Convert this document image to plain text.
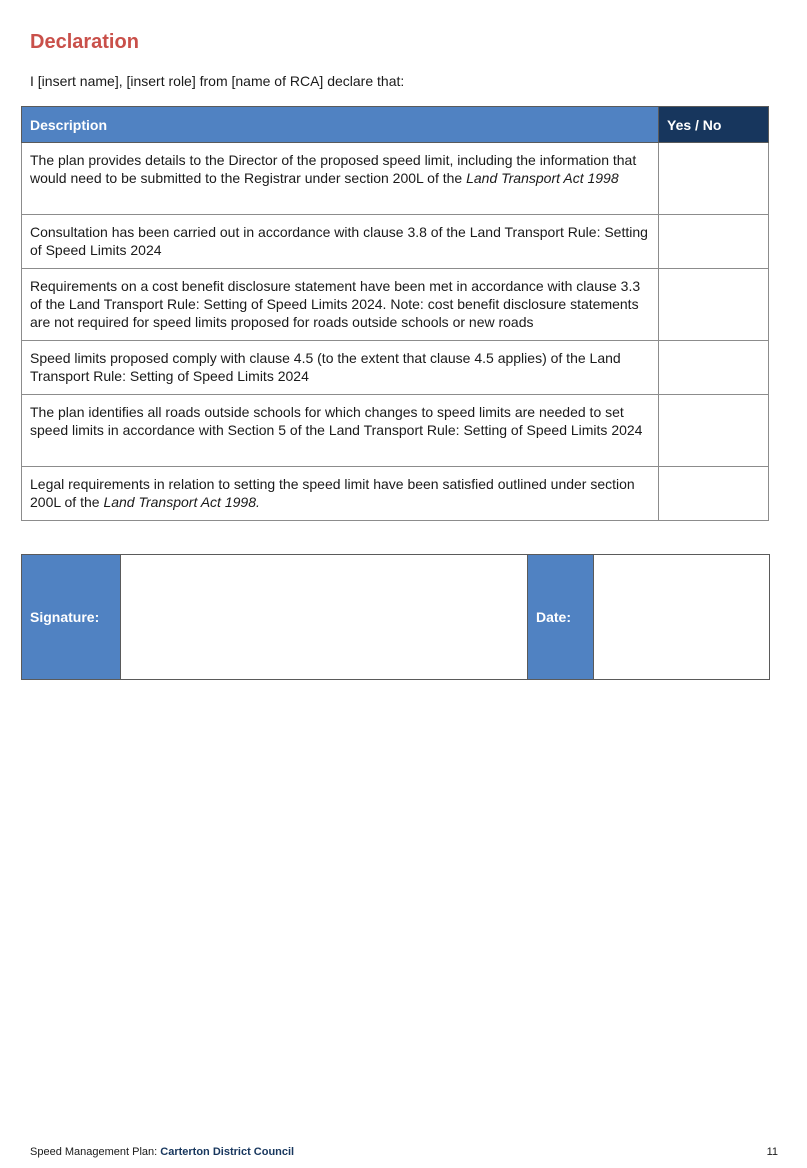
Declaration

I [insert name], [insert role] from [name of RCA] declare that:

Description	Yes / No
The plan provides details to the Director of the proposed speed limit, including the information that would need to be submitted to the Registrar under section 200L of the Land Transport Act 1998	
Consultation has been carried out in accordance with clause 3.8 of the Land Transport Rule: Setting of Speed Limits 2024	
Requirements on a cost benefit disclosure statement have been met in accordance with clause 3.3 of the Land Transport Rule: Setting of Speed Limits 2024. Note: cost benefit disclosure statements are not required for speed limits proposed for roads outside schools or new roads	
Speed limits proposed comply with clause 4.5 (to the extent that clause 4.5 applies) of the Land Transport Rule: Setting of Speed Limits 2024	
The plan identifies all roads outside schools for which changes to speed limits are needed to set speed limits in accordance with Section 5 of the Land Transport Rule: Setting of Speed Limits 2024	
Legal requirements in relation to setting the speed limit have been satisfied outlined under section 200L of the Land Transport Act 1998.	
Signature:		Date:	

Speed Management Plan: Carterton District Council	11
